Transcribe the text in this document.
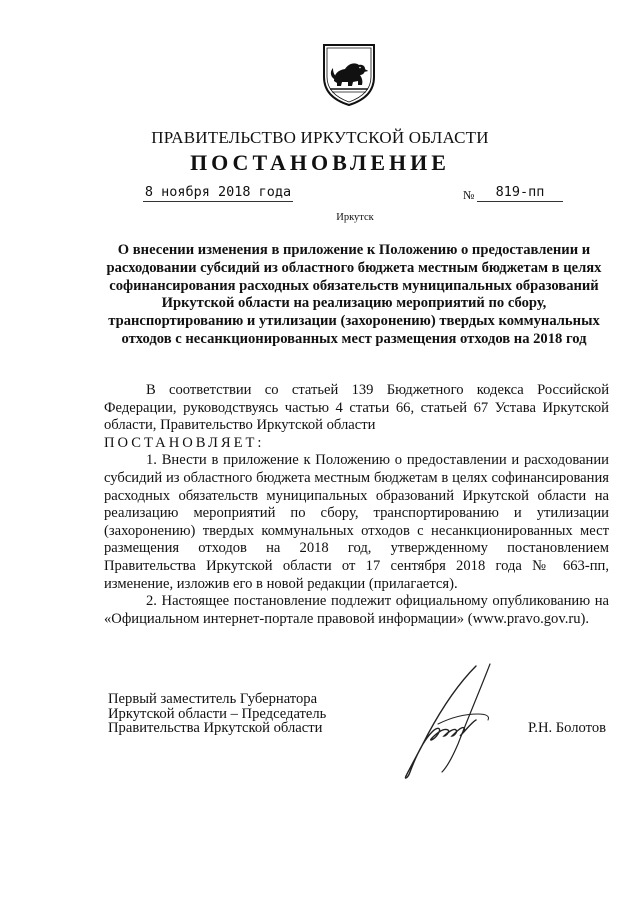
ПРАВИТЕЛЬСТВО ИРКУТСКОЙ ОБЛАСТИ
ПОСТАНОВЛЕНИЕ
8 ноября 2018 года	№	819-пп
Иркутск
О внесении изменения в приложение к Положению о предоставлении и расходовании субсидий из областного бюджета местным бюджетам в целях софинансирования расходных обязательств муниципальных образований Иркутской области на реализацию мероприятий по сбору, транспортированию и утилизации (захоронению) твердых коммунальных отходов с несанкционированных мест размещения отходов на 2018 год

В соответствии со статьей 139 Бюджетного кодекса Российской Федерации, руководствуясь частью 4 статьи 66, статьей 67 Устава Иркутской области, Правительство Иркутской области

ПОСТАНОВЛЯЕТ:

1. Внести в приложение к Положению о предоставлении и расходовании субсидий из областного бюджета местным бюджетам в целях софинансирования расходных обязательств муниципальных образований Иркутской области на реализацию мероприятий по сбору, транспортированию и утилизации (захоронению) твердых коммунальных отходов с несанкционированных мест размещения отходов на 2018 год, утвержденному постановлением Правительства Иркутской области от 17 сентября 2018 года № 663-пп, изменение, изложив его в новой редакции (прилагается).

2. Настоящее постановление подлежит официальному опубликованию на «Официальном интернет-портале правовой информации» (www.pravo.gov.ru).

Первый заместитель Губернатора
Иркутской области – Председатель
Правительства Иркутской области	Р.Н. Болотов
